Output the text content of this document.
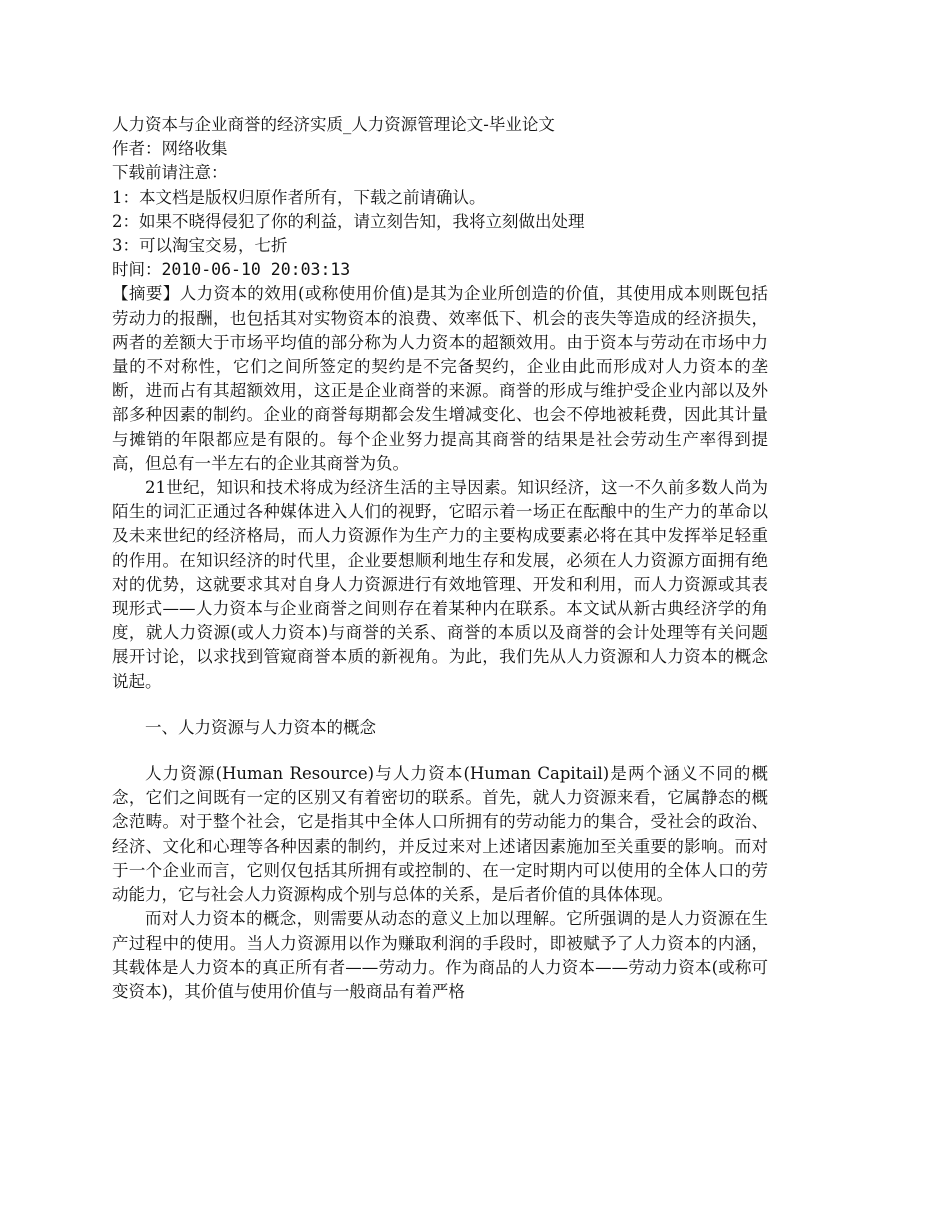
人力资本与企业商誉的经济实质_人力资源管理论文-毕业论文

作者：网络收集

下载前请注意：

1：本文档是版权归原作者所有，下载之前请确认。

2：如果不晓得侵犯了你的利益，请立刻告知，我将立刻做出处理

3：可以淘宝交易，七折

时间：2010-06-10 20:03:13

【摘要】人力资本的效用(或称使用价值)是其为企业所创造的价值，其使用成本则既包括劳动力的报酬，也包括其对实物资本的浪费、效率低下、机会的丧失等造成的经济损失，两者的差额大于市场平均值的部分称为人力资本的超额效用。由于资本与劳动在市场中力量的不对称性，它们之间所签定的契约是不完备契约，企业由此而形成对人力资本的垄断，进而占有其超额效用，这正是企业商誉的来源。商誉的形成与维护受企业内部以及外部多种因素的制约。企业的商誉每期都会发生增减变化、也会不停地被耗费，因此其计量与摊销的年限都应是有限的。每个企业努力提高其商誉的结果是社会劳动生产率得到提高，但总有一半左右的企业其商誉为负。

21世纪，知识和技术将成为经济生活的主导因素。知识经济，这一不久前多数人尚为陌生的词汇正通过各种媒体进入人们的视野，它昭示着一场正在酝酿中的生产力的革命以及未来世纪的经济格局，而人力资源作为生产力的主要构成要素必将在其中发挥举足轻重的作用。在知识经济的时代里，企业要想顺利地生存和发展，必须在人力资源方面拥有绝对的优势，这就要求其对自身人力资源进行有效地管理、开发和利用，而人力资源或其表现形式——人力资本与企业商誉之间则存在着某种内在联系。本文试从新古典经济学的角度，就人力资源(或人力资本)与商誉的关系、商誉的本质以及商誉的会计处理等有关问题展开讨论，以求找到管窥商誉本质的新视角。为此，我们先从人力资源和人力资本的概念说起。

一、人力资源与人力资本的概念

人力资源(Human Resource)与人力资本(Human Capitail)是两个涵义不同的概念，它们之间既有一定的区别又有着密切的联系。首先，就人力资源来看，它属静态的概念范畴。对于整个社会，它是指其中全体人口所拥有的劳动能力的集合，受社会的政治、经济、文化和心理等各种因素的制约，并反过来对上述诸因素施加至关重要的影响。而对于一个企业而言，它则仅包括其所拥有或控制的、在一定时期内可以使用的全体人口的劳动能力，它与社会人力资源构成个别与总体的关系，是后者价值的具体体现。

而对人力资本的概念，则需要从动态的意义上加以理解。它所强调的是人力资源在生产过程中的使用。当人力资源用以作为赚取利润的手段时，即被赋予了人力资本的内涵，其载体是人力资本的真正所有者——劳动力。作为商品的人力资本——劳动力资本(或称可变资本)，其价值与使用价值与一般商品有着严格
